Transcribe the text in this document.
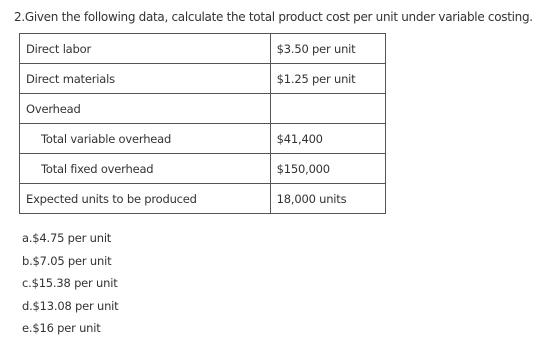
2.Given the following data, calculate the total product cost per unit under variable costing.
Direct labor	$3.50 per unit
Direct materials	$1.25 per unit
Overhead	
Total variable overhead	$41,400
Total fixed overhead	$150,000
Expected units to be produced	18,000 units
a.$4.75 per unit
b.$7.05 per unit
c.$15.38 per unit
d.$13.08 per unit
e.$16 per unit
